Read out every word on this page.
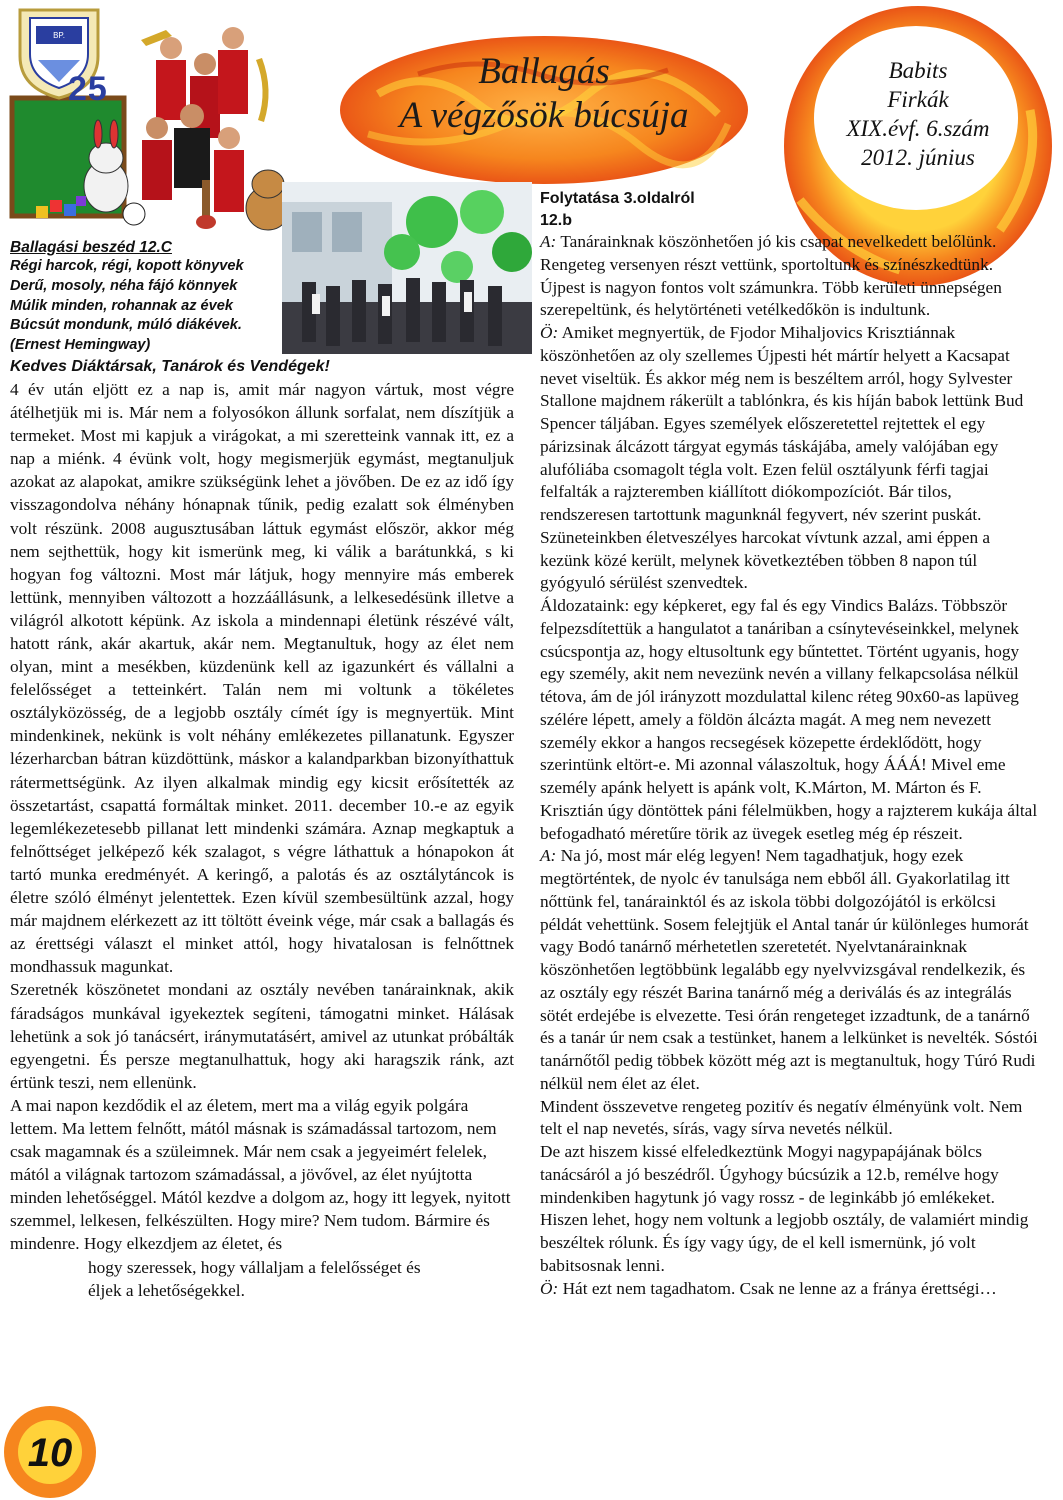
BP.
25	Ballagás
A végzősök búcsúja
Babits
Firkák
XIX.évf. 6.szám
2012. június

Ballagási beszéd 12.C

Régi harcok, régi, kopott könyvek

Derű, mosoly, néha fájó könnyek

Múlik minden, rohannak az évek

Búcsút mondunk, múló diákévek.

(Ernest Hemingway)

Kedves Diáktársak, Tanárok és Vendégek!

4 év után eljött ez a nap is, amit már nagyon vártuk, most végre átélhetjük mi is. Már nem a folyosókon állunk sorfalat, nem díszítjük a termeket. Most mi kapjuk a virágokat, a mi szeretteink vannak itt, ez a nap a miénk. 4 évünk volt, hogy megismerjük egymást, megtanuljuk azokat az alapokat, amikre szükségünk lehet a jövőben. De ez az idő így visszagondolva néhány hónapnak tűnik, pedig ezalatt sok élményben volt részünk. 2008 augusztusában láttuk egymást először, akkor még nem sejthettük, hogy kit ismerünk meg, ki válik a barátunkká, s ki hogyan fog változni. Most már látjuk, hogy mennyire más emberek lettünk, mennyiben változott a hozzáállásunk, a lelkesedésünk illetve a világról alkotott képünk. Az iskola a mindennapi életünk részévé vált, hatott ránk, akár akartuk, akár nem. Megtanultuk, hogy az élet nem olyan, mint a mesékben, küzdenünk kell az igazunkért és vállalni a felelősséget a tetteinkért. Talán nem mi voltunk a tökéletes osztályközösség, de a legjobb osztály címét így is megnyertük. Mint mindenkinek, nekünk is volt néhány emlékezetes pillanatunk. Egyszer lézerharcban bátran küzdöttünk, máskor a kalandparkban bizonyíthattuk rátermettségünk. Az ilyen alkalmak mindig egy kicsit erősítették az összetartást, csapattá formáltak minket. 2011. december 10.-e az egyik legemlékezetesebb pillanat lett mindenki számára. Aznap megkaptuk a felnőttséget jelképező kék szalagot, s végre láthattuk a hónapokon át tartó munka eredményét. A keringő, a palotás és az osztálytáncok is életre szóló élményt jelentettek. Ezen kívül szembesültünk azzal, hogy már majdnem elérkezett az itt töltött éveink vége, már csak a ballagás és az érettségi választ el minket attól, hogy hivatalosan is felnőttnek mondhassuk magunkat.

Szeretnék köszönetet mondani az osztály nevében tanárainknak, akik fáradságos munkával igyekeztek segíteni, támogatni minket. Hálásak lehetünk a sok jó tanácsért, iránymutatásért, amivel az utunkat próbálták egyengetni. És persze megtanulhattuk, hogy aki haragszik ránk, azt értünk teszi, nem ellenünk.

A mai napon kezdődik el az életem, mert ma a világ egyik polgára lettem. Ma lettem felnőtt, mától másnak is számadással tartozom, nem csak magamnak és a szüleimnek. Már nem csak a jegyeimért felelek, mától a világnak tartozom számadással, a jövővel, az élet nyújtotta minden lehetőséggel. Mától kezdve a dolgom az, hogy itt legyek, nyitott szemmel, lelkesen, felkészülten. Hogy mire? Nem tudom. Bármire és mindenre. Hogy elkezdjem az életet, és

hogy szeressek, hogy vállaljam a felelősséget és

éljek a lehetőségekkel.

10

Folytatása 3.oldalról

12.b

A: Tanárainknak köszönhetően jó kis csapat nevelkedett belőlünk. Rengeteg versenyen részt vettünk, sportoltunk és színészkedtünk. Újpest is nagyon fontos volt számunkra. Több kerületi ünnepségen szerepeltünk, és helytörténeti vetélkedőkön is indultunk.

Ö: Amiket megnyertük, de Fjodor Mihaljovics Krisztiánnak köszönhetően az oly szellemes Újpesti hét mártír helyett a Kacsapat nevet viseltük. És akkor még nem is beszéltem arról, hogy Sylvester Stallone majdnem rákerült a tablónkra, és kis híján babok lettünk Bud Spencer táljában. Egyes személyek előszeretettel rejtettek el egy párizsinak álcázott tárgyat egymás táskájába, amely valójában egy alufóliába csomagolt tégla volt. Ezen felül osztályunk férfi tagjai felfalták a rajzteremben kiállított diókompozíciót. Bár tilos, rendszeresen tartottunk magunknál fegyvert, név szerint puskát. Szüneteinkben életveszélyes harcokat vívtunk azzal, ami éppen a kezünk közé került, melynek következtében többen 8 napon túl gyógyuló sérülést szenvedtek.

Áldozataink: egy képkeret, egy fal és egy Vindics Balázs. Többször felpezsdítettük a hangulatot a tanáriban a csínytevéseinkkel, melynek csúcspontja az, hogy eltusoltunk egy bűntettet. Történt ugyanis, hogy egy személy, akit nem nevezünk nevén a villany felkapcsolása nélkül tétova, ám de jól irányzott mozdulattal kilenc réteg 90x60-as lapüveg szélére lépett, amely a földön álcázta magát. A meg nem nevezett személy ekkor a hangos recsegések közepette érdeklődött, hogy szerintünk eltört-e. Mi azonnal válaszoltuk, hogy ÁÁÁ! Mivel eme személy apánk helyett is apánk volt, K.Márton, M. Márton és F. Krisztián úgy döntöttek páni félelmükben, hogy a rajzterem kukája által befogadható méretűre törik az üvegek esetleg még ép részeit.

A: Na jó, most már elég legyen! Nem tagadhatjuk, hogy ezek megtörténtek, de nyolc év tanulsága nem ebből áll. Gyakorlatilag itt nőttünk fel, tanárainktól és az iskola többi dolgozójától is erkölcsi példát vehettünk. Sosem felejtjük el Antal tanár úr különleges humorát vagy Bodó tanárnő mérhetetlen szeretetét. Nyelvtanárainknak köszönhetően legtöbbünk legalább egy nyelvvizsgával rendelkezik, és az osztály egy részét Barina tanárnő még a deriválás és az integrálás sötét erdejébe is elvezette. Tesi órán rengeteget izzadtunk, de a tanárnő és a tanár úr nem csak a testünket, hanem a lelkünket is nevelték. Sóstói tanárnőtől pedig többek között még azt is megtanultuk, hogy Túró Rudi nélkül nem élet az élet.

Mindent összevetve rengeteg pozitív és negatív élményünk volt. Nem telt el nap nevetés, sírás, vagy sírva nevetés nélkül.

De azt hiszem kissé elfeledkeztünk Mogyi nagypapájának bölcs tanácsáról a jó beszédről. Úgyhogy búcsúzik a 12.b, remélve hogy mindenkiben hagytunk jó vagy rossz - de leginkább jó emlékeket. Hiszen lehet, hogy nem voltunk a legjobb osztály, de valamiért mindig beszéltek rólunk. És így vagy úgy, de el kell ismernünk, jó volt babitsosnak lenni.

Ö: Hát ezt nem tagadhatom. Csak ne lenne az a fránya érettségi…
